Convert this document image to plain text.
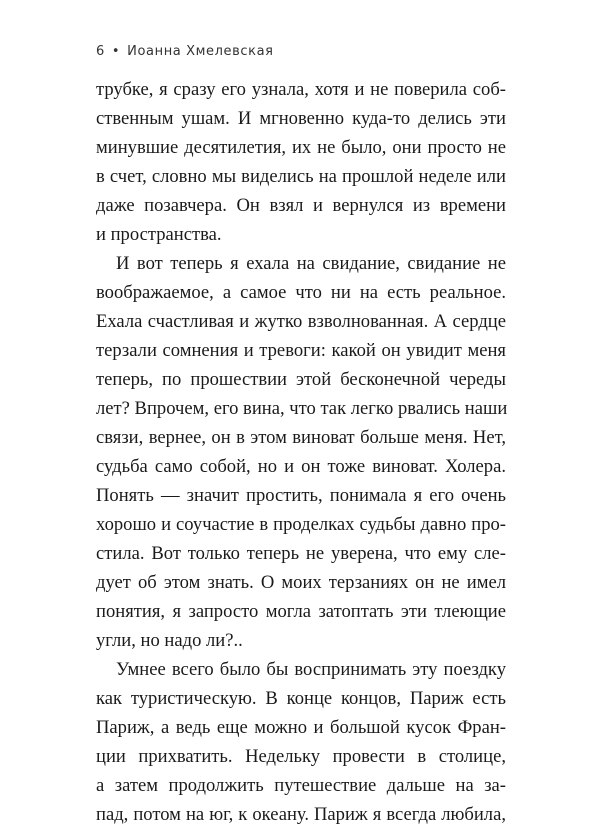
6 • Иоанна Хмелевская
трубке, я сразу его узнала, хотя и не поверила соб-
ственным ушам. И мгновенно куда-то делись эти
минувшие десятилетия, их не было, они просто не
в счет, словно мы виделись на прошлой неделе или
даже позавчера. Он взял и вернулся из времени
и пространства.
И вот теперь я ехала на свидание, свидание не
воображаемое, а самое что ни на есть реальное.
Ехала счастливая и жутко взволнованная. А сердце
терзали сомнения и тревоги: какой он увидит меня
теперь, по прошествии этой бесконечной череды
лет? Впрочем, его вина, что так легко рвались наши
связи, вернее, он в этом виноват больше меня. Нет,
судьба само собой, но и он тоже виноват. Холера.
Понять — значит простить, понимала я его очень
хорошо и соучастие в проделках судьбы давно про-
стила. Вот только теперь не уверена, что ему сле-
дует об этом знать. О моих терзаниях он не имел
понятия, я запросто могла затоптать эти тлеющие
угли, но надо ли?..
Умнее всего было бы воспринимать эту поездку
как туристическую. В конце концов, Париж есть
Париж, а ведь еще можно и большой кусок Фран-
ции прихватить. Недельку провести в столице,
а затем продолжить путешествие дальше на за-
пад, потом на юг, к океану. Париж я всегда любила,
